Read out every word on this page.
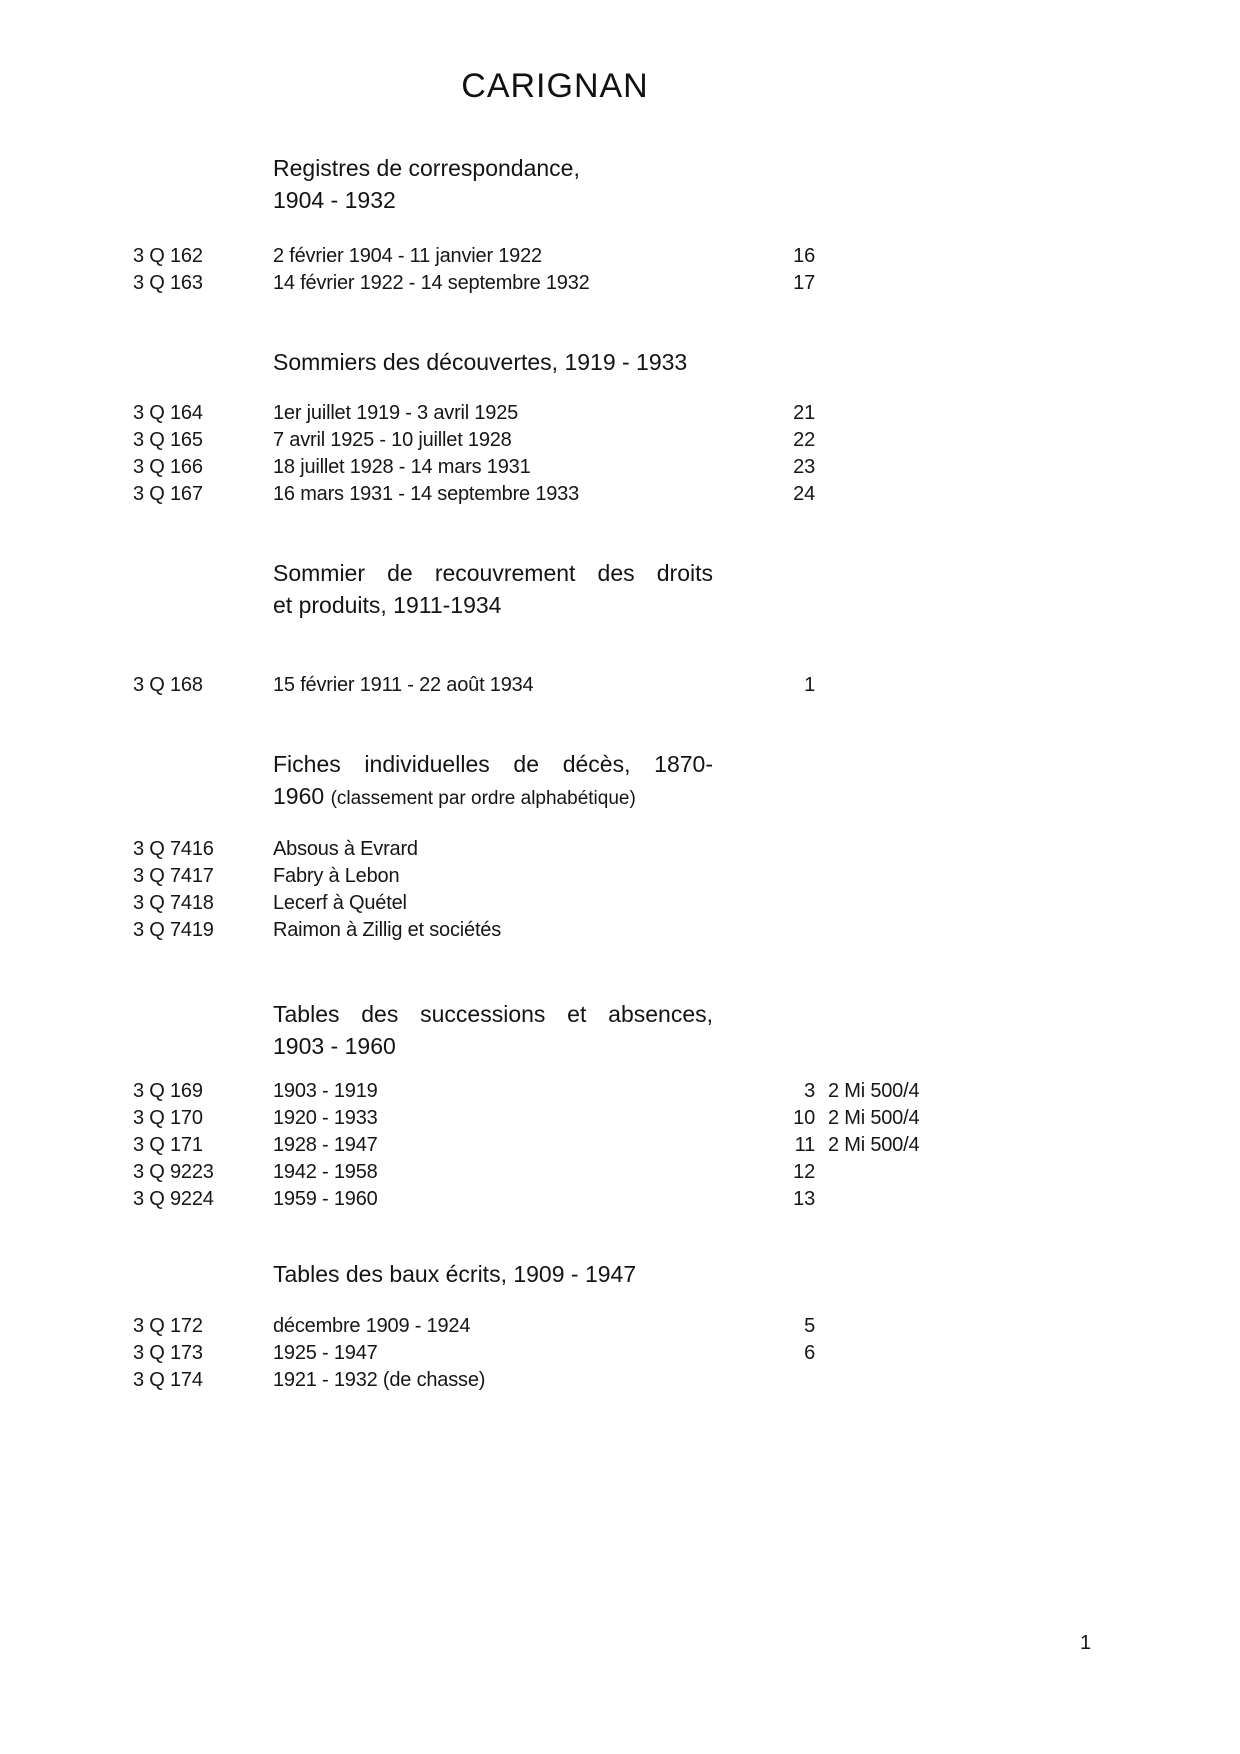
CARIGNAN
Registres de correspondance,
1904 - 1932
3 Q 162	2 février 1904 - 11 janvier 1922	16
3 Q 163	14 février 1922 - 14 septembre 1932	17
Sommiers des découvertes, 1919 - 1933
3 Q 164	1er juillet 1919 - 3 avril 1925	21
3 Q 165	7 avril 1925 - 10 juillet 1928	22
3 Q 166	18 juillet 1928 - 14 mars 1931	23
3 Q 167	16 mars 1931 - 14 septembre 1933	24
Sommier de recouvrement des droits
et produits, 1911-1934
3 Q 168	15 février 1911 - 22 août 1934	1
Fiches individuelles de décès, 1870-
1960 (classement par ordre alphabétique)
3 Q 7416	Absous à Evrard
3 Q 7417	Fabry à Lebon
3 Q 7418	Lecerf à Quétel
3 Q 7419	Raimon à Zillig et sociétés
Tables des successions et absences,
1903 - 1960
3 Q 169	1903 - 1919	3 2 Mi 500/4
3 Q 170	1920 - 1933	10 2 Mi 500/4
3 Q 171	1928 - 1947	11 2 Mi 500/4
3 Q 9223	1942 - 1958	12
3 Q 9224	1959 - 1960	13
Tables des baux écrits, 1909 - 1947
3 Q 172	décembre 1909 - 1924	5
3 Q 173	1925 - 1947	6
3 Q 174	1921 - 1932 (de chasse)
1
